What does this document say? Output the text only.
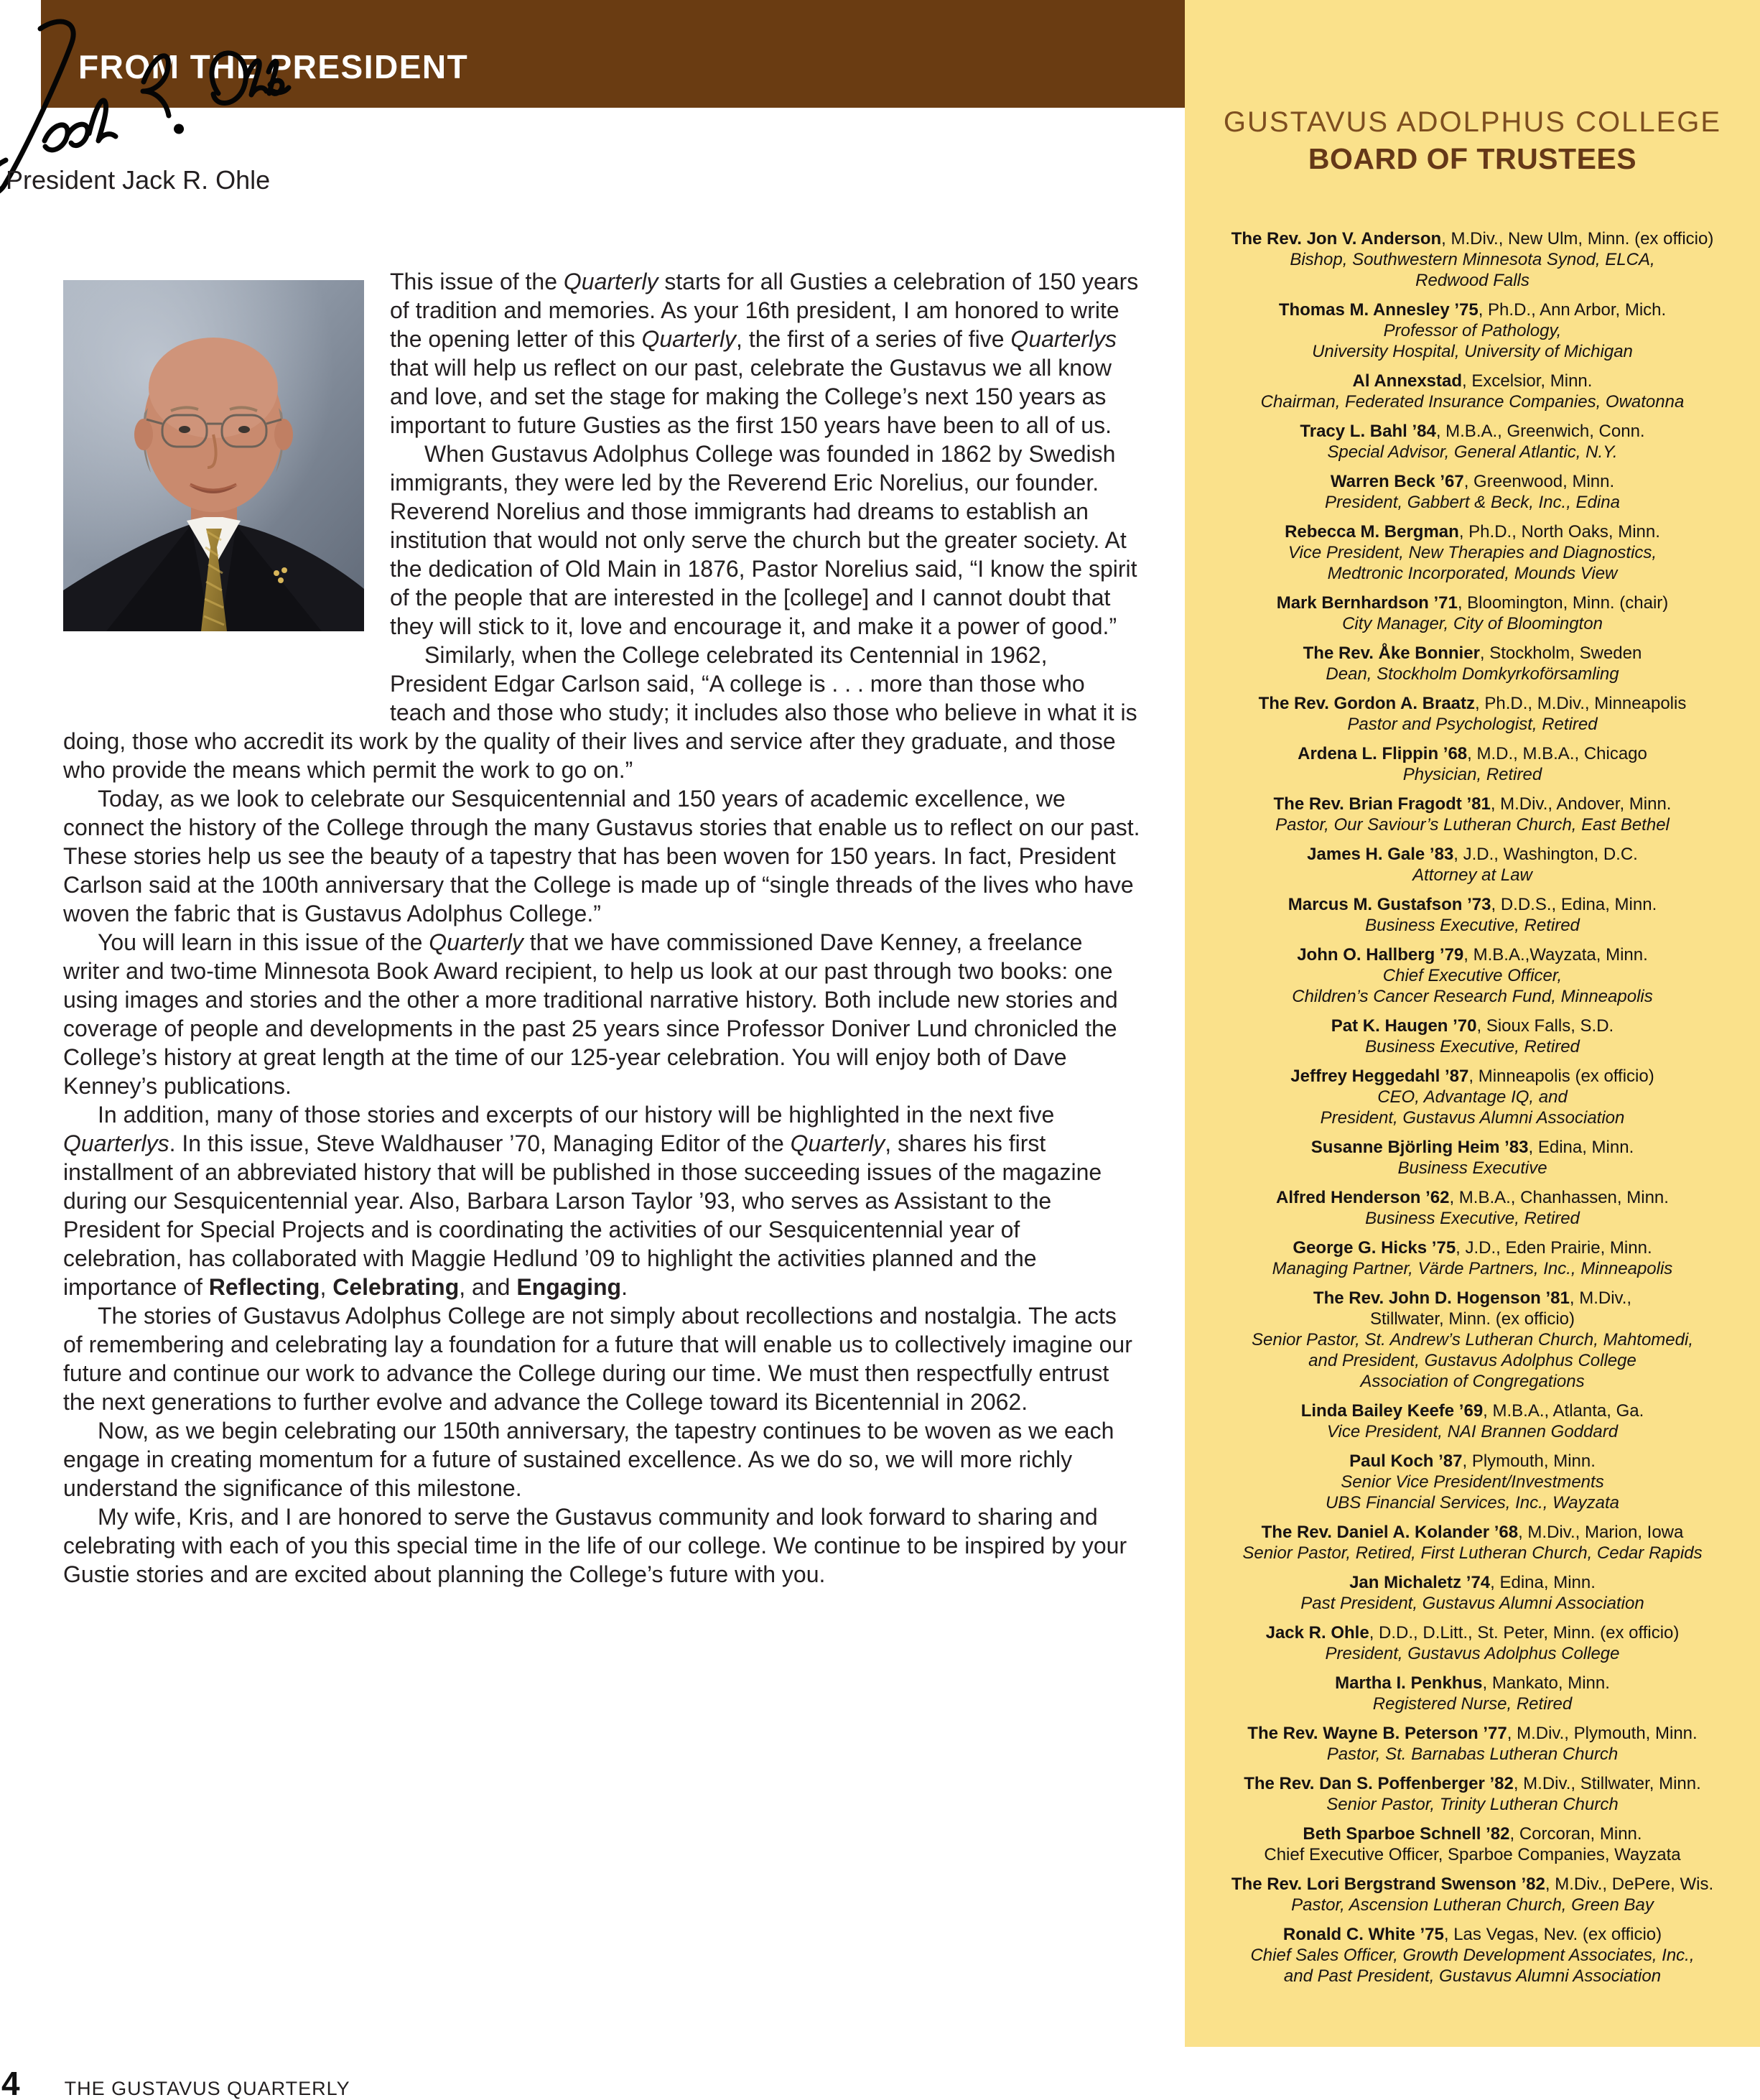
FROM THE PRESIDENT

This issue of the Quarterly starts for all Gusties a celebration of 150 years of tradition and memories. As your 16th president, I am honored to write the opening letter of this Quarterly, the first of a series of five Quarterlys that will help us reflect on our past, celebrate the Gustavus we all know and love, and set the stage for making the College’s next 150 years as important to future Gusties as the first 150 years have been to all of us.

When Gustavus Adolphus College was founded in 1862 by Swedish immigrants, they were led by the Reverend Eric Norelius, our founder. Reverend Norelius and those immigrants had dreams to establish an institution that would not only serve the church but the greater society. At the dedication of Old Main in 1876, Pastor Norelius said, “I know the spirit of the people that are interested in the [college] and I cannot doubt that they will stick to it, love and encourage it, and make it a power of good.”

Similarly, when the College celebrated its Centennial in 1962, President Edgar Carlson said, “A college is . . . more than those who teach and those who study; it includes also those who believe in what it is doing, those who accredit its work by the quality of their lives and service after they graduate, and those who provide the means which permit the work to go on.”

Today, as we look to celebrate our Sesquicentennial and 150 years of academic excellence, we connect the history of the College through the many Gustavus stories that enable us to reflect on our past. These stories help us see the beauty of a tapestry that has been woven for 150 years. In fact, President Carlson said at the 100th anniversary that the College is made up of “single threads of the lives who have woven the fabric that is Gustavus Adolphus College.”

You will learn in this issue of the Quarterly that we have commissioned Dave Kenney, a freelance writer and two-time Minnesota Book Award recipient, to help us look at our past through two books: one using images and stories and the other a more traditional narrative history. Both include new stories and coverage of people and developments in the past 25 years since Professor Doniver Lund chronicled the College’s history at great length at the time of our 125-year celebration. You will enjoy both of Dave Kenney’s publications.

In addition, many of those stories and excerpts of our history will be highlighted in the next five Quarterlys. In this issue, Steve Waldhauser ’70, Managing Editor of the Quarterly, shares his first installment of an abbreviated history that will be published in those succeeding issues of the magazine during our Sesquicentennial year. Also, Barbara Larson Taylor ’93, who serves as Assistant to the President for Special Projects and is coordinating the activities of our Sesquicentennial year of celebration, has collaborated with Maggie Hedlund ’09 to highlight the activities planned and the importance of Reflecting, Celebrating, and Engaging.

The stories of Gustavus Adolphus College are not simply about recollections and nostalgia. The acts of remembering and celebrating lay a foundation for a future that will enable us to collectively imagine our future and continue our work to advance the College during our time. We must then respectfully entrust the next generations to further evolve and advance the College toward its Bicentennial in 2062.

Now, as we begin celebrating our 150th anniversary, the tapestry continues to be woven as we each engage in creating momentum for a future of sustained excellence. As we do so, we will more richly understand the significance of this milestone.

My wife, Kris, and I are honored to serve the Gustavus community and look forward to sharing and celebrating with each of you this special time in the life of our college. We continue to be inspired by your Gustie stories and are excited about planning the College’s future with you.

President Jack R. Ohle
GUSTAVUS ADOLPHUS COLLEGE
BOARD OF TRUSTEES
The Rev. Jon V. Anderson, M.Div., New Ulm, Minn. (ex officio)
Bishop, Southwestern Minnesota Synod, ELCA,
Redwood Falls
Thomas M. Annesley ’75, Ph.D., Ann Arbor, Mich.
Professor of Pathology,
University Hospital, University of Michigan
Al Annexstad, Excelsior, Minn.
Chairman, Federated Insurance Companies, Owatonna
Tracy L. Bahl ’84, M.B.A., Greenwich, Conn.
Special Advisor, General Atlantic, N.Y.
Warren Beck ’67, Greenwood, Minn.
President, Gabbert & Beck, Inc., Edina
Rebecca M. Bergman, Ph.D., North Oaks, Minn.
Vice President, New Therapies and Diagnostics,
Medtronic Incorporated, Mounds View
Mark Bernhardson ’71, Bloomington, Minn. (chair)
City Manager, City of Bloomington
The Rev. Åke Bonnier, Stockholm, Sweden
Dean, Stockholm Domkyrkoförsamling
The Rev. Gordon A. Braatz, Ph.D., M.Div., Minneapolis
Pastor and Psychologist, Retired
Ardena L. Flippin ’68, M.D., M.B.A., Chicago
Physician, Retired
The Rev. Brian Fragodt ’81, M.Div., Andover, Minn.
Pastor, Our Saviour’s Lutheran Church, East Bethel
James H. Gale ’83, J.D., Washington, D.C.
Attorney at Law
Marcus M. Gustafson ’73, D.D.S., Edina, Minn.
Business Executive, Retired
John O. Hallberg ’79, M.B.A.,Wayzata, Minn.
Chief Executive Officer,
Children’s Cancer Research Fund, Minneapolis
Pat K. Haugen ’70, Sioux Falls, S.D.
Business Executive, Retired
Jeffrey Heggedahl ’87, Minneapolis (ex officio)
CEO, Advantage IQ, and
President, Gustavus Alumni Association
Susanne Björling Heim ’83, Edina, Minn.
Business Executive
Alfred Henderson ’62, M.B.A., Chanhassen, Minn.
Business Executive, Retired
George G. Hicks ’75, J.D., Eden Prairie, Minn.
Managing Partner, Värde Partners, Inc., Minneapolis
The Rev. John D. Hogenson ’81, M.Div.,
Stillwater, Minn. (ex officio)
Senior Pastor, St. Andrew’s Lutheran Church, Mahtomedi,
and President, Gustavus Adolphus College
Association of Congregations
Linda Bailey Keefe ’69, M.B.A., Atlanta, Ga.
Vice President, NAI Brannen Goddard
Paul Koch ’87, Plymouth, Minn.
Senior Vice President/Investments
UBS Financial Services, Inc., Wayzata
The Rev. Daniel A. Kolander ’68, M.Div., Marion, Iowa
Senior Pastor, Retired, First Lutheran Church, Cedar Rapids
Jan Michaletz ’74, Edina, Minn.
Past President, Gustavus Alumni Association
Jack R. Ohle, D.D., D.Litt., St. Peter, Minn. (ex officio)
President, Gustavus Adolphus College
Martha I. Penkhus, Mankato, Minn.
Registered Nurse, Retired
The Rev. Wayne B. Peterson ’77, M.Div., Plymouth, Minn.
Pastor, St. Barnabas Lutheran Church
The Rev. Dan S. Poffenberger ’82, M.Div., Stillwater, Minn.
Senior Pastor, Trinity Lutheran Church
Beth Sparboe Schnell ’82, Corcoran, Minn.
Chief Executive Officer, Sparboe Companies, Wayzata
The Rev. Lori Bergstrand Swenson ’82, M.Div., DePere, Wis.
Pastor, Ascension Lutheran Church, Green Bay
Ronald C. White ’75, Las Vegas, Nev. (ex officio)
Chief Sales Officer, Growth Development Associates, Inc.,
and Past President, Gustavus Alumni Association
4 THE GUSTAVUS QUARTERLY
